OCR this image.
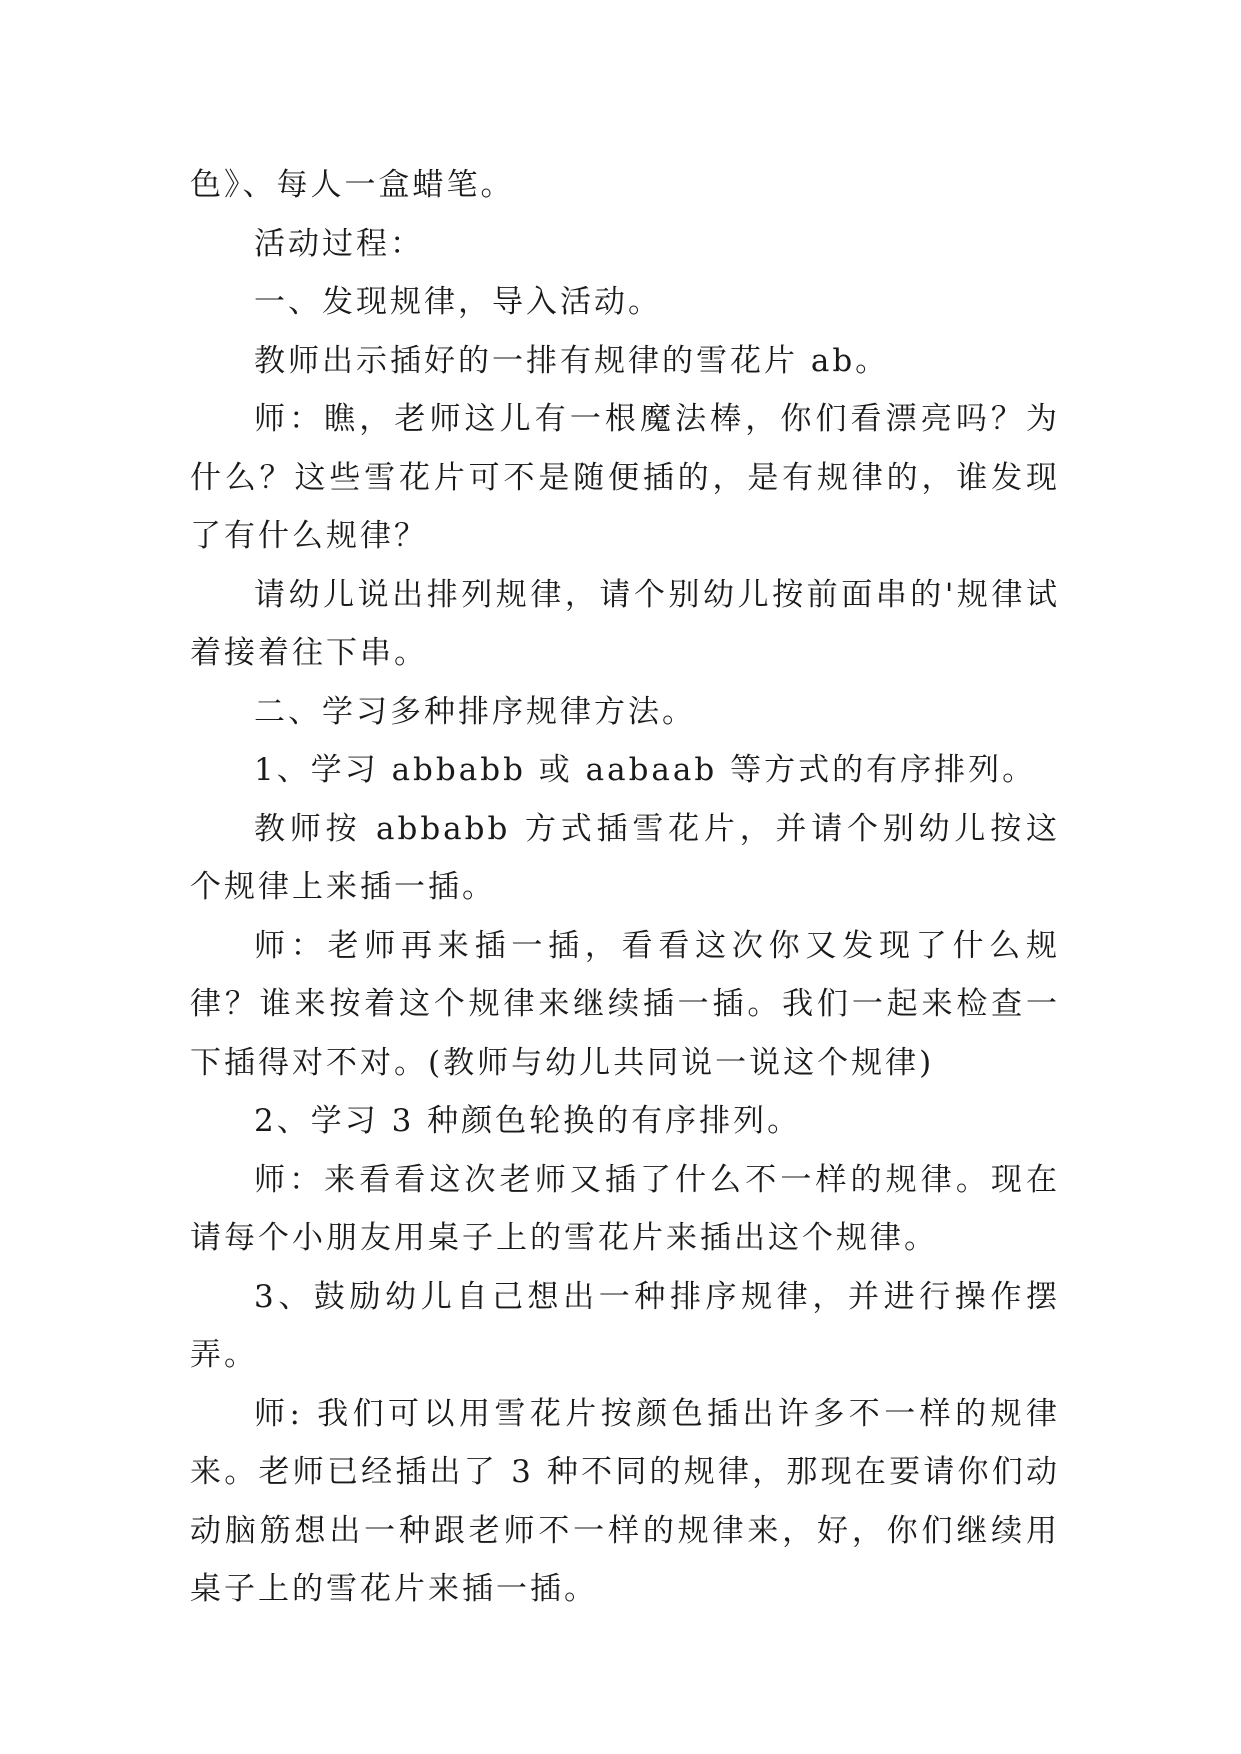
色》、每人一盒蜡笔。

活动过程：

一、发现规律，导入活动。

教师出示插好的一排有规律的雪花片 ab。

师：瞧，老师这儿有一根魔法棒，你们看漂亮吗？为什么？这些雪花片可不是随便插的，是有规律的，谁发现了有什么规律？

请幼儿说出排列规律，请个别幼儿按前面串的'规律试着接着往下串。

二、学习多种排序规律方法。

1、学习 abbabb 或 aabaab 等方式的有序排列。

教师按 abbabb 方式插雪花片，并请个别幼儿按这个规律上来插一插。

师：老师再来插一插，看看这次你又发现了什么规律？谁来按着这个规律来继续插一插。我们一起来检查一下插得对不对。(教师与幼儿共同说一说这个规律)

2、学习 3 种颜色轮换的有序排列。

师：来看看这次老师又插了什么不一样的规律。现在请每个小朋友用桌子上的雪花片来插出这个规律。

3、鼓励幼儿自己想出一种排序规律，并进行操作摆弄。

师: 我们可以用雪花片按颜色插出许多不一样的规律来。老师已经插出了 3 种不同的规律，那现在要请你们动动脑筋想出一种跟老师不一样的规律来，好，你们继续用桌子上的雪花片来插一插。
